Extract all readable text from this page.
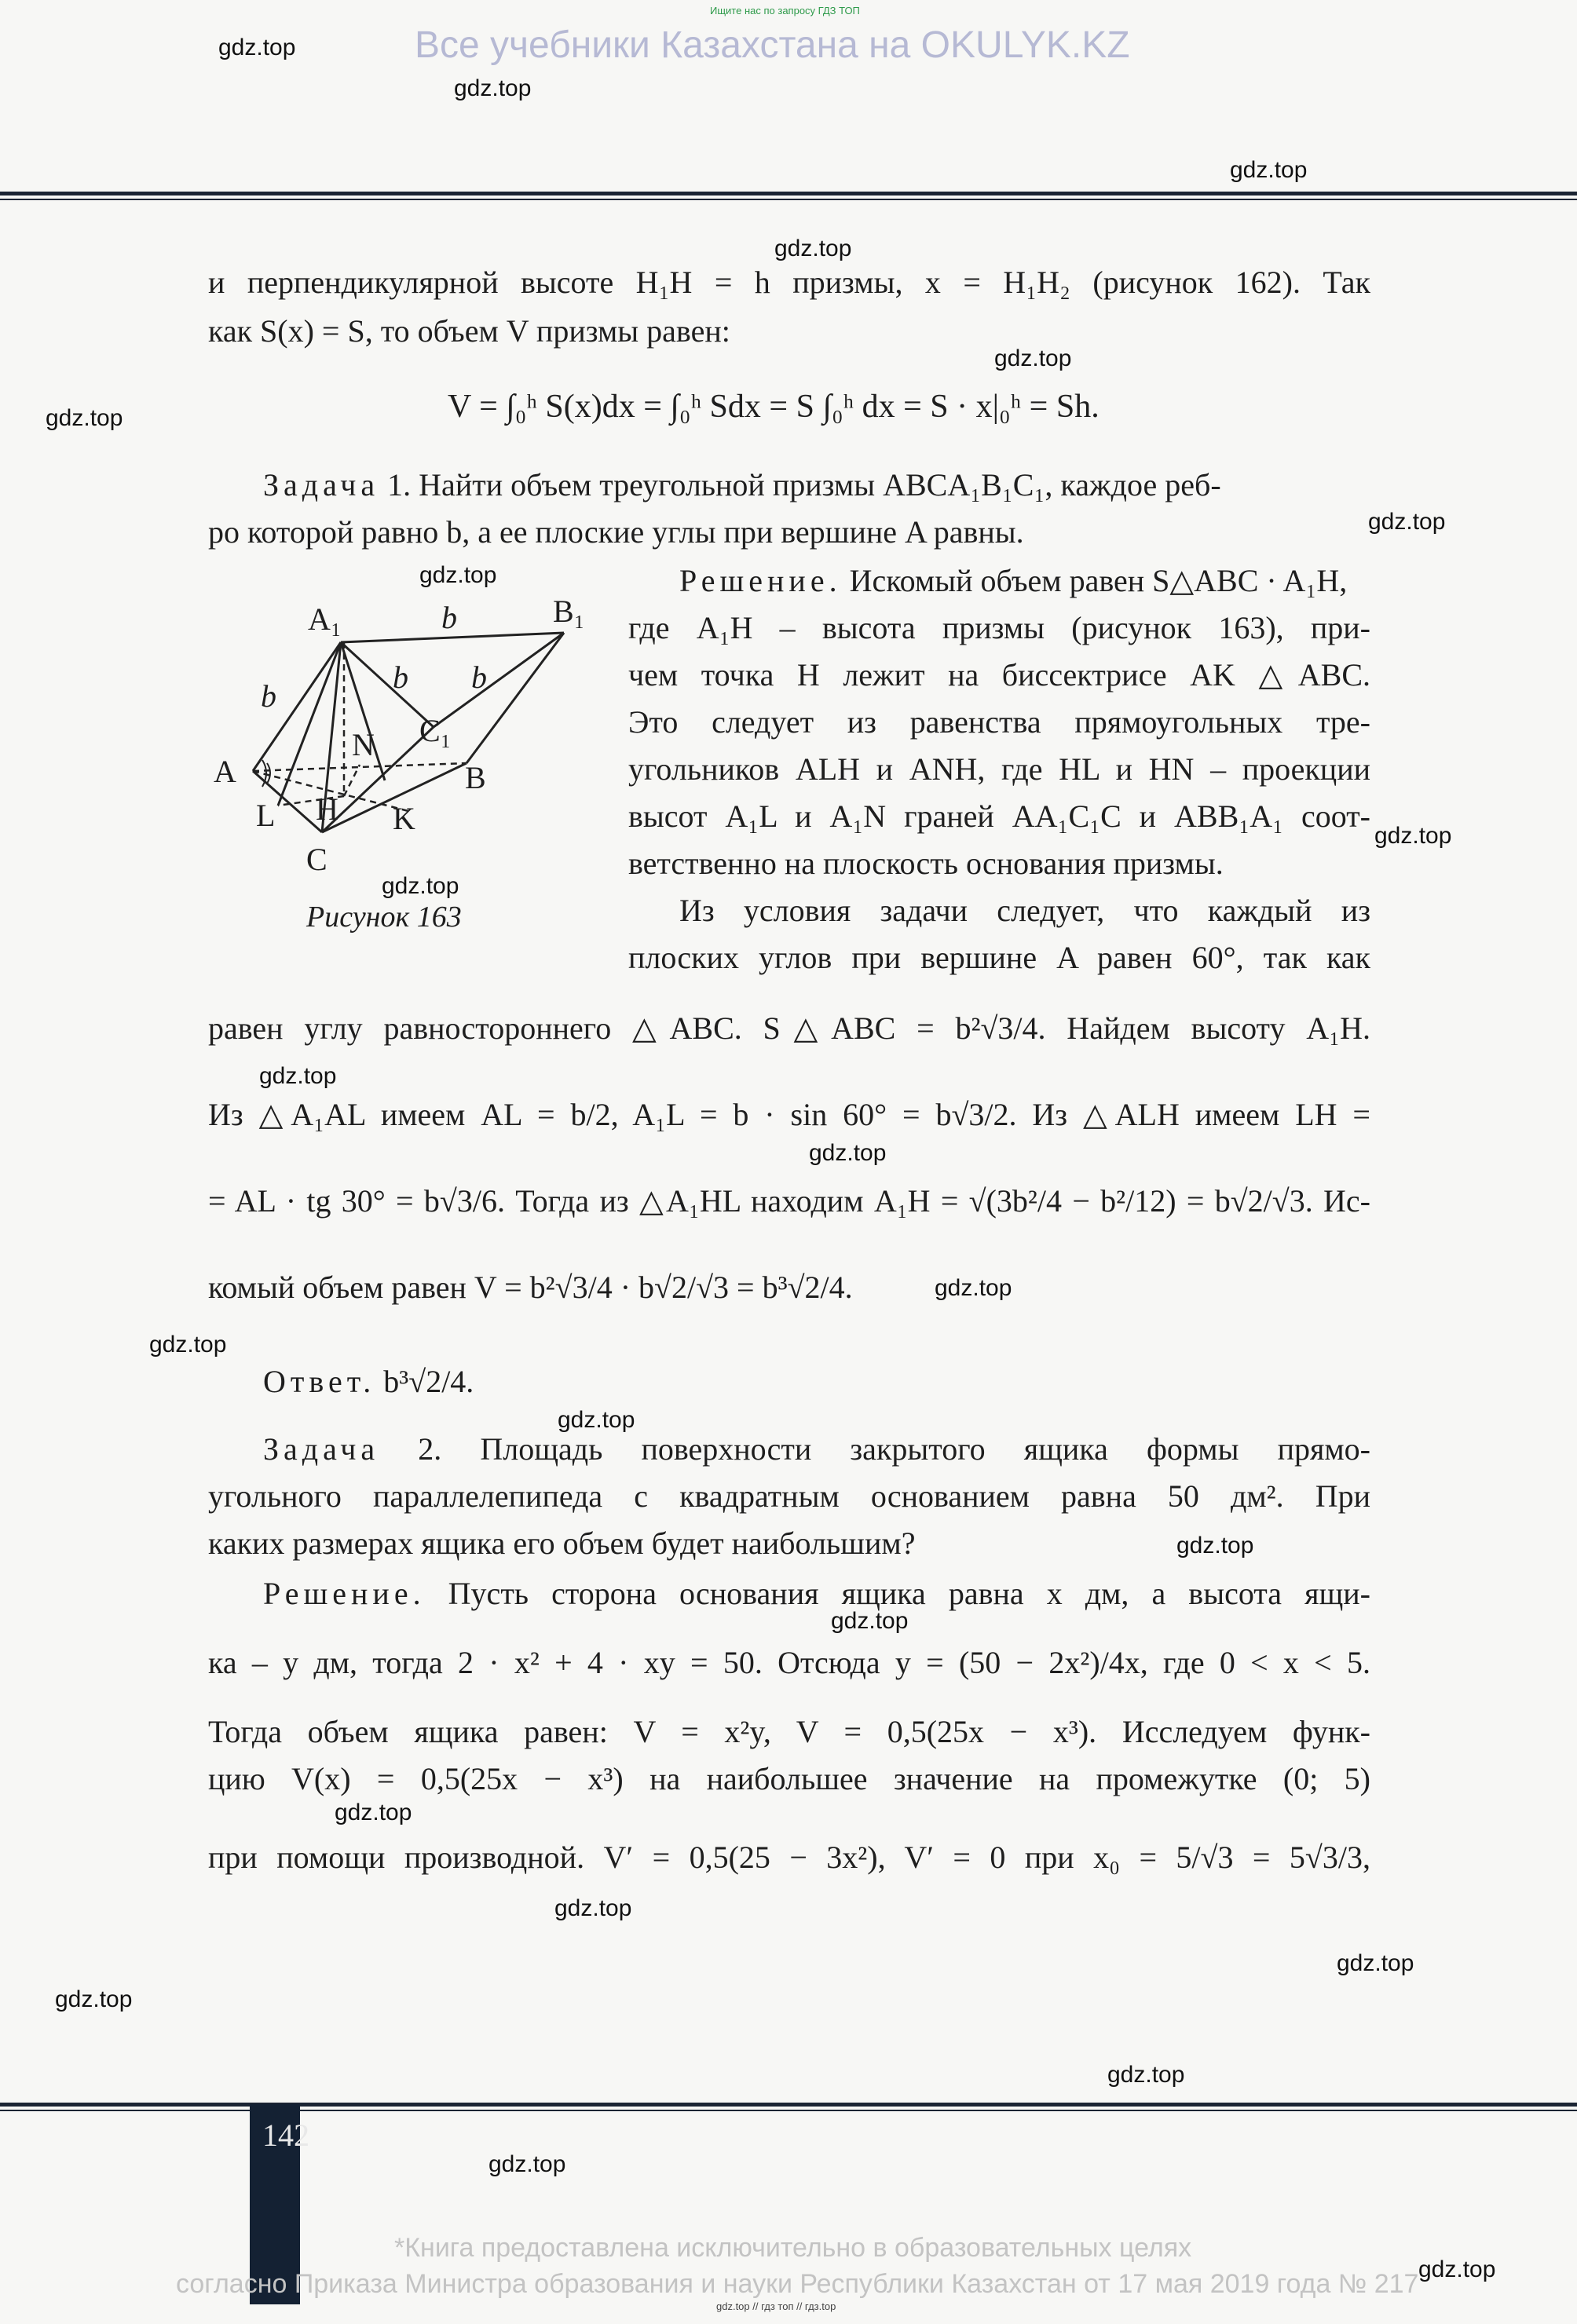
Ищите нас по запросу ГДЗ ТОП
Все учебники Казахстана на OKULYK.KZ
gdz.top
gdz.top
gdz.top
gdz.top
gdz.top
gdz.top
gdz.top
gdz.top
gdz.top
gdz.top
gdz.top
gdz.top
gdz.top
gdz.top
gdz.top
gdz.top
gdz.top
gdz.top
gdz.top
gdz.top
gdz.top
gdz.top
gdz.top
gdz.top
и перпендикулярной высоте H₁H = h призмы, x = H₁H₂ (рисунок 162). Так
как S(x) = S, то объем V призмы равен:
V = ∫₀ʰ S(x)dx = ∫₀ʰ Sdx = S ∫₀ʰ dx = S · x|₀ʰ = Sh.
Задача 1. Найти объем треугольной призмы ABCA₁B₁C₁, каждое реб-
ро которой равно b, а ее плоские углы при вершине A равны.
A₁	b	B₁
b b
b
C₁
N
A	B
H
L	K
C
Рисунок 163
Решение. Искомый объем равен S△ABC · A₁H,
где A₁H – высота призмы (рисунок 163), при-
чем точка H лежит на биссектрисе AK △ABC.
Это следует из равенства прямоугольных тре-
угольников ALH и ANH, где HL и HN – проекции
высот A₁L и A₁N граней AA₁C₁C и ABB₁A₁ соот-
ветственно на плоскость основания призмы.
Из условия задачи следует, что каждый из
плоских углов при вершине A равен 60°, так как
равен углу равностороннего △ABC. S△ABC = b²√3/4. Найдем высоту A₁H.
Из △A₁AL имеем AL = b/2, A₁L = b · sin 60° = b√3/2. Из △ALH имеем LH =
= AL · tg 30° = b√3/6. Тогда из △A₁HL находим A₁H = √(3b²/4 − b²/12) = b√2/√3. Ис-
комый объем равен V = b²√3/4 · b√2/√3 = b³√2/4.
Ответ. b³√2/4.
Задача 2. Площадь поверхности закрытого ящика формы прямо-
угольного параллелепипеда с квадратным основанием равна 50 дм². При
каких размерах ящика его объем будет наибольшим?
Решение. Пусть сторона основания ящика равна x дм, а высота ящи-
ка – y дм, тогда 2 · x² + 4 · xy = 50. Отсюда y = (50 − 2x²)/4x, где 0 < x < 5.
Тогда объем ящика равен: V = x²y, V = 0,5(25x − x³). Исследуем функ-
цию V(x) = 0,5(25x − x³) на наибольшее значение на промежутке (0; 5)
при помощи производной. V′ = 0,5(25 − 3x²), V′ = 0 при x₀ = 5/√3 = 5√3/3,
142
*Книга предоставлена исключительно в образовательных целях
согласно Приказа Министра образования и науки Республики Казахстан от 17 мая 2019 года № 217
gdz.top // гдз топ // гдз.top
